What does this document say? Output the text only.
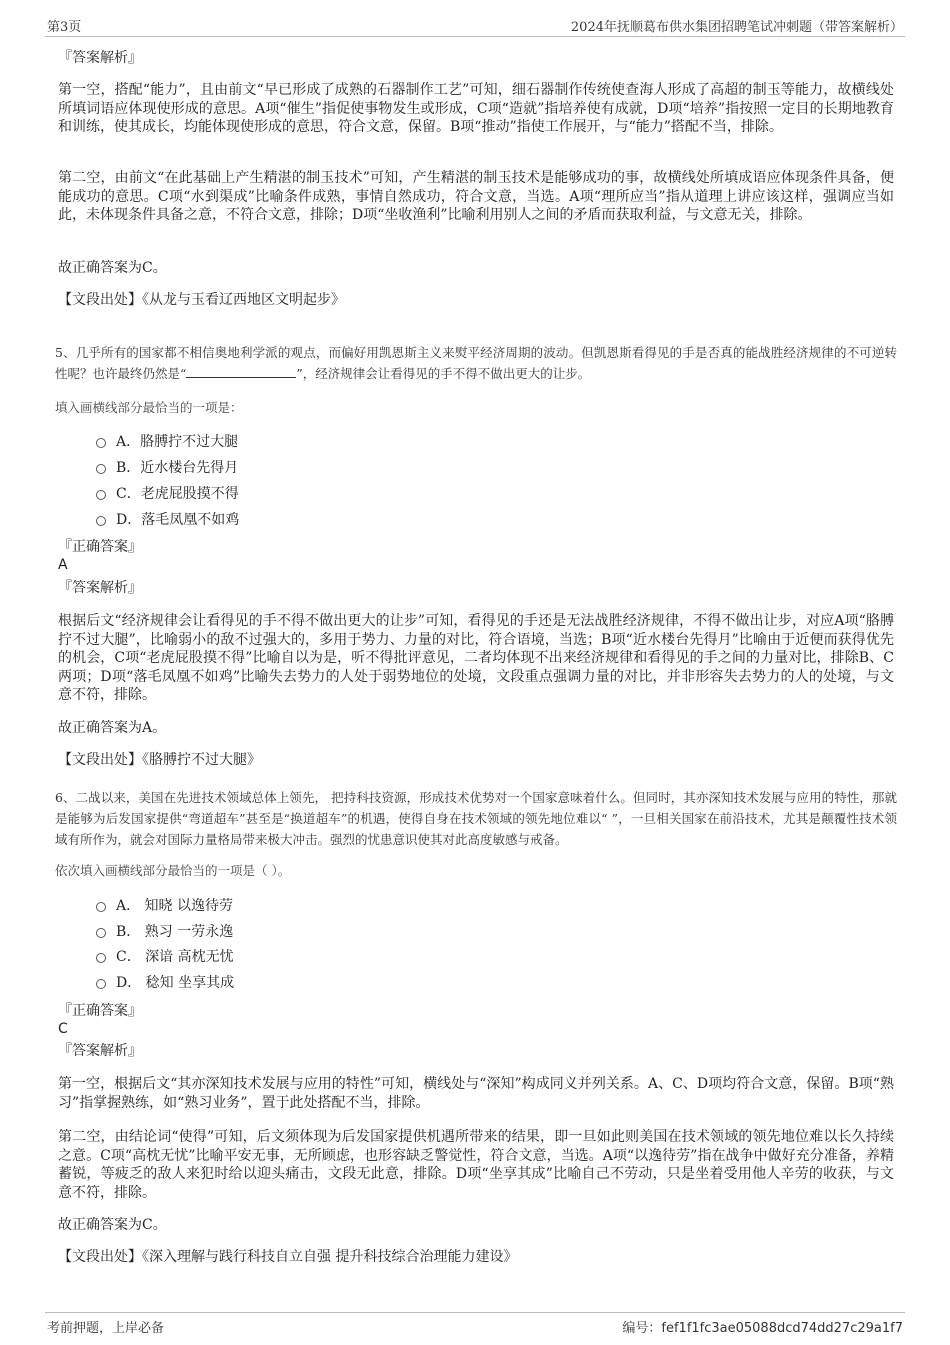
第3页	2024年抚顺葛布供水集团招聘笔试冲刺题（带答案解析）
『答案解析』
第一空，搭配“能力”，且由前文“早已形成了成熟的石器制作工艺”可知，细石器制作传统使查海人形成了高超的制玉等能力，故横线处所填词语应体现使形成的意思。A项“催生”指促使事物发生或形成，C项“造就”指培养使有成就，D项“培养”指按照一定目的长期地教育和训练，使其成长，均能体现使形成的意思，符合文意，保留。B项“推动”指使工作展开，与“能力”搭配不当，排除。
第二空，由前文“在此基础上产生精湛的制玉技术”可知，产生精湛的制玉技术是能够成功的事，故横线处所填成语应体现条件具备，便能成功的意思。C项“水到渠成”比喻条件成熟，事情自然成功，符合文意，当选。A项“理所应当”指从道理上讲应该这样，强调应当如此，未体现条件具备之意，不符合文意，排除；D项“坐收渔利”比喻利用别人之间的矛盾而获取利益，与文意无关，排除。
故正确答案为C。
【文段出处】《从龙与玉看辽西地区文明起步》
5、几乎所有的国家都不相信奥地利学派的观点，而偏好用凯恩斯主义来熨平经济周期的波动。但凯恩斯看得见的手是否真的能战胜经济规律的不可逆转性呢？也许最终仍然是“	”，经济规律会让看得见的手不得不做出更大的让步。
填入画横线部分最恰当的一项是：
A．胳膊拧不过大腿
B．近水楼台先得月
C．老虎屁股摸不得
D．落毛凤凰不如鸡
『正确答案』
A
『答案解析』
根据后文“经济规律会让看得见的手不得不做出更大的让步”可知，看得见的手还是无法战胜经济规律，不得不做出让步，对应A项“胳膊拧不过大腿”，比喻弱小的敌不过强大的，多用于势力、力量的对比，符合语境，当选；B项“近水楼台先得月”比喻由于近便而获得优先的机会，C项“老虎屁股摸不得”比喻自以为是，听不得批评意见，二者均体现不出来经济规律和看得见的手之间的力量对比，排除B、C两项；D项“落毛凤凰不如鸡”比喻失去势力的人处于弱势地位的处境，文段重点强调力量的对比，并非形容失去势力的人的处境，与文意不符，排除。
故正确答案为A。
【文段出处】《胳膊拧不过大腿》
6、二战以来，美国在先进技术领域总体上领先， 把持科技资源，形成技术优势对一个国家意味着什么。但同时，其亦深知技术发展与应用的特性，那就是能够为后发国家提供“弯道超车”甚至是“换道超车”的机遇，使得自身在技术领域的领先地位难以“ ”，一旦相关国家在前沿技术，尤其是颠覆性技术领域有所作为，就会对国际力量格局带来极大冲击。强烈的忧患意识使其对此高度敏感与戒备。
依次填入画横线部分最恰当的一项是（ ）。
A． 知晓 以逸待劳
B． 熟习 一劳永逸
C． 深谙 高枕无忧
D． 稔知 坐享其成
『正确答案』
C
『答案解析』
第一空，根据后文“其亦深知技术发展与应用的特性”可知，横线处与“深知”构成同义并列关系。A、C、D项均符合文意，保留。B项“熟习”指掌握熟练，如“熟习业务”，置于此处搭配不当，排除。
第二空，由结论词“使得”可知，后文须体现为后发国家提供机遇所带来的结果，即一旦如此则美国在技术领域的领先地位难以长久持续之意。C项“高枕无忧”比喻平安无事，无所顾虑，也形容缺乏警觉性，符合文意，当选。A项“以逸待劳”指在战争中做好充分准备，养精蓄锐，等疲乏的敌人来犯时给以迎头痛击，文段无此意，排除。D项“坐享其成”比喻自己不劳动，只是坐着受用他人辛劳的收获，与文意不符，排除。
故正确答案为C。
【文段出处】《深入理解与践行科技自立自强 提升科技综合治理能力建设》
考前押题，上岸必备	编号：fef1f1fc3ae05088dcd74dd27c29a1f7
